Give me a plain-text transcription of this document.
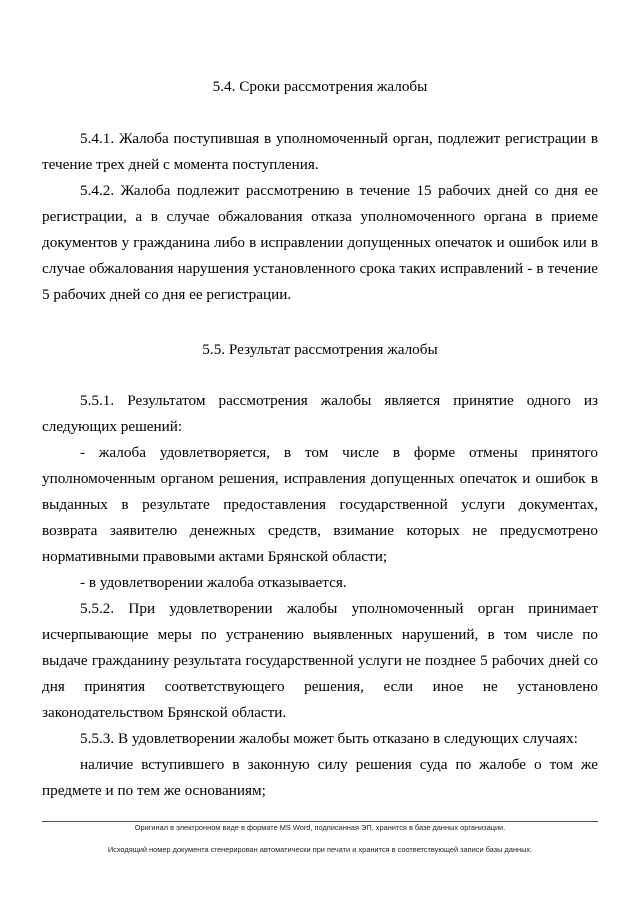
5.4. Сроки рассмотрения жалобы

5.4.1. Жалоба поступившая в уполномоченный орган, подлежит регистрации в течение трех дней с момента поступления.

5.4.2. Жалоба подлежит рассмотрению в течение 15 рабочих дней со дня ее регистрации, а в случае обжалования отказа уполномоченного органа в приеме документов у гражданина либо в исправлении допущенных опечаток и ошибок или в случае обжалования нарушения установленного срока таких исправлений - в течение 5 рабочих дней со дня ее регистрации.

5.5. Результат рассмотрения жалобы

5.5.1. Результатом рассмотрения жалобы является принятие одного из следующих решений:

- жалоба удовлетворяется, в том числе в форме отмены принятого уполномоченным органом решения, исправления допущенных опечаток и ошибок в выданных в результате предоставления государственной услуги документах, возврата заявителю денежных средств, взимание которых не предусмотрено нормативными правовыми актами Брянской области;

- в удовлетворении жалоба отказывается.

5.5.2. При удовлетворении жалобы уполномоченный орган принимает исчерпывающие меры по устранению выявленных нарушений, в том числе по выдаче гражданину результата государственной услуги не позднее 5 рабочих дней со дня принятия соответствующего решения, если иное не установлено законодательством Брянской области.

5.5.3. В удовлетворении жалобы может быть отказано в следующих случаях:

наличие вступившего в законную силу решения суда по жалобе о том же предмете и по тем же основаниям;

Оригинал в электронном виде в формате MS Word, подписанная ЭП, хранится в базе данных организации.
Исходящий номер документа сгенерирован автоматически при печати и хранится в соответствующей записи базы данных.
